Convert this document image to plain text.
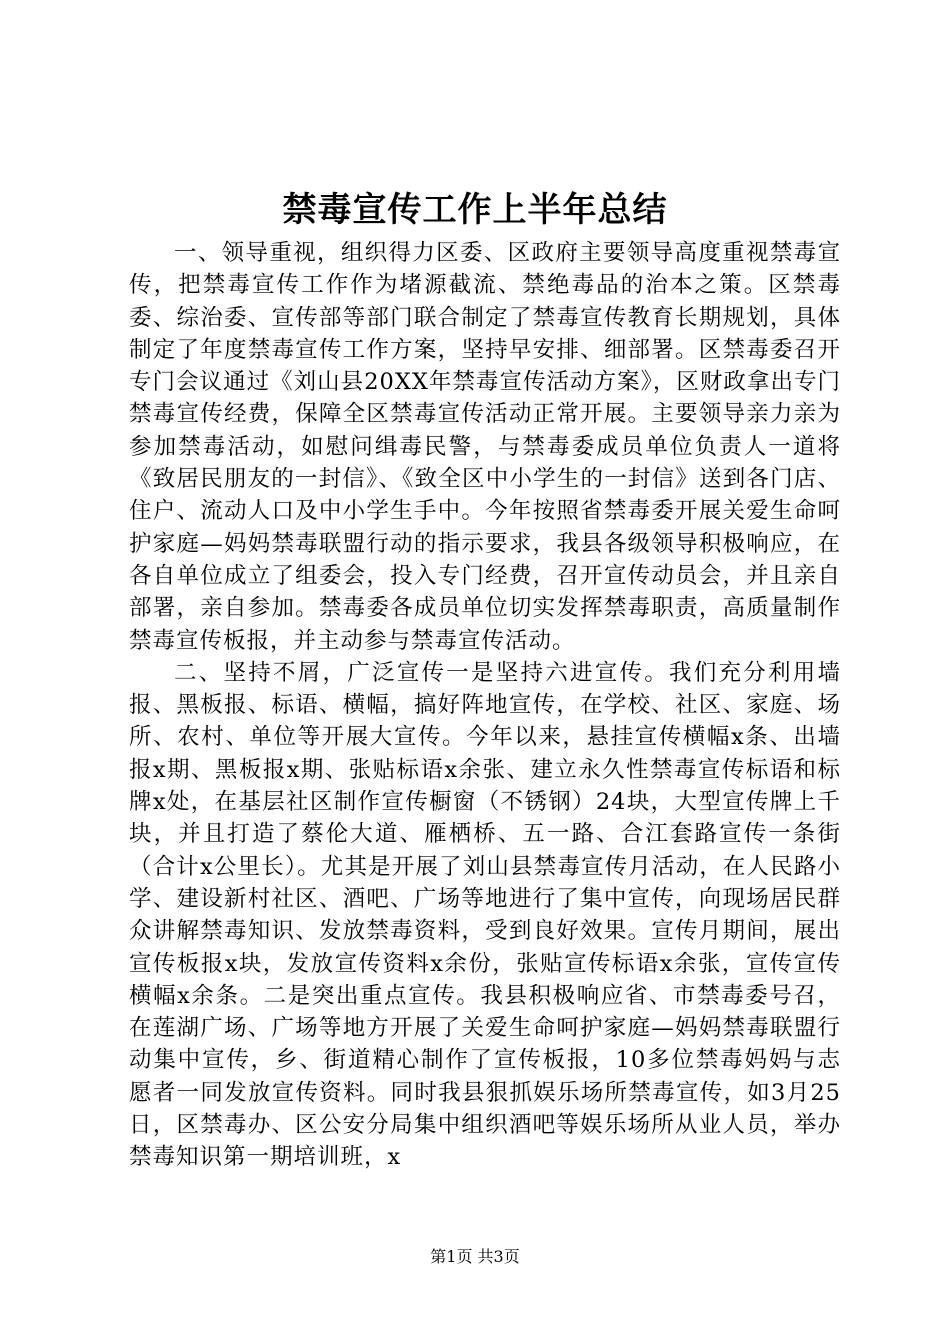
禁毒宣传工作上半年总结

一、领导重视，组织得力区委、区政府主要领导高度重视禁毒宣传，把禁毒宣传工作作为堵源截流、禁绝毒品的治本之策。区禁毒委、综治委、宣传部等部门联合制定了禁毒宣传教育长期规划，具体制定了年度禁毒宣传工作方案，坚持早安排、细部署。区禁毒委召开专门会议通过《刘山县20XX年禁毒宣传活动方案》，区财政拿出专门禁毒宣传经费，保障全区禁毒宣传活动正常开展。主要领导亲力亲为参加禁毒活动，如慰问缉毒民警，与禁毒委成员单位负责人一道将《致居民朋友的一封信》、《致全区中小学生的一封信》送到各门店、住户、流动人口及中小学生手中。今年按照省禁毒委开展关爱生命呵护家庭—妈妈禁毒联盟行动的指示要求，我县各级领导积极响应，在各自单位成立了组委会，投入专门经费，召开宣传动员会，并且亲自部署，亲自参加。禁毒委各成员单位切实发挥禁毒职责，高质量制作禁毒宣传板报，并主动参与禁毒宣传活动。

二、坚持不屑，广泛宣传一是坚持六进宣传。我们充分利用墙报、黑板报、标语、横幅，搞好阵地宣传，在学校、社区、家庭、场所、农村、单位等开展大宣传。今年以来，悬挂宣传横幅x条、出墙报x期、黑板报x期、张贴标语x余张、建立永久性禁毒宣传标语和标牌x处，在基层社区制作宣传橱窗（不锈钢）24块，大型宣传牌上千块，并且打造了蔡伦大道、雁栖桥、五一路、合江套路宣传一条街（合计x公里长）。尤其是开展了刘山县禁毒宣传月活动，在人民路小学、建设新村社区、酒吧、广场等地进行了集中宣传，向现场居民群众讲解禁毒知识、发放禁毒资料，受到良好效果。宣传月期间，展出宣传板报x块，发放宣传资料x余份，张贴宣传标语x余张，宣传宣传横幅x余条。二是突出重点宣传。我县积极响应省、市禁毒委号召，在莲湖广场、广场等地方开展了关爱生命呵护家庭—妈妈禁毒联盟行动集中宣传，乡、街道精心制作了宣传板报，10多位禁毒妈妈与志愿者一同发放宣传资料。同时我县狠抓娱乐场所禁毒宣传，如3月25日，区禁毒办、区公安分局集中组织酒吧等娱乐场所从业人员，举办禁毒知识第一期培训班，x

第1页 共3页
